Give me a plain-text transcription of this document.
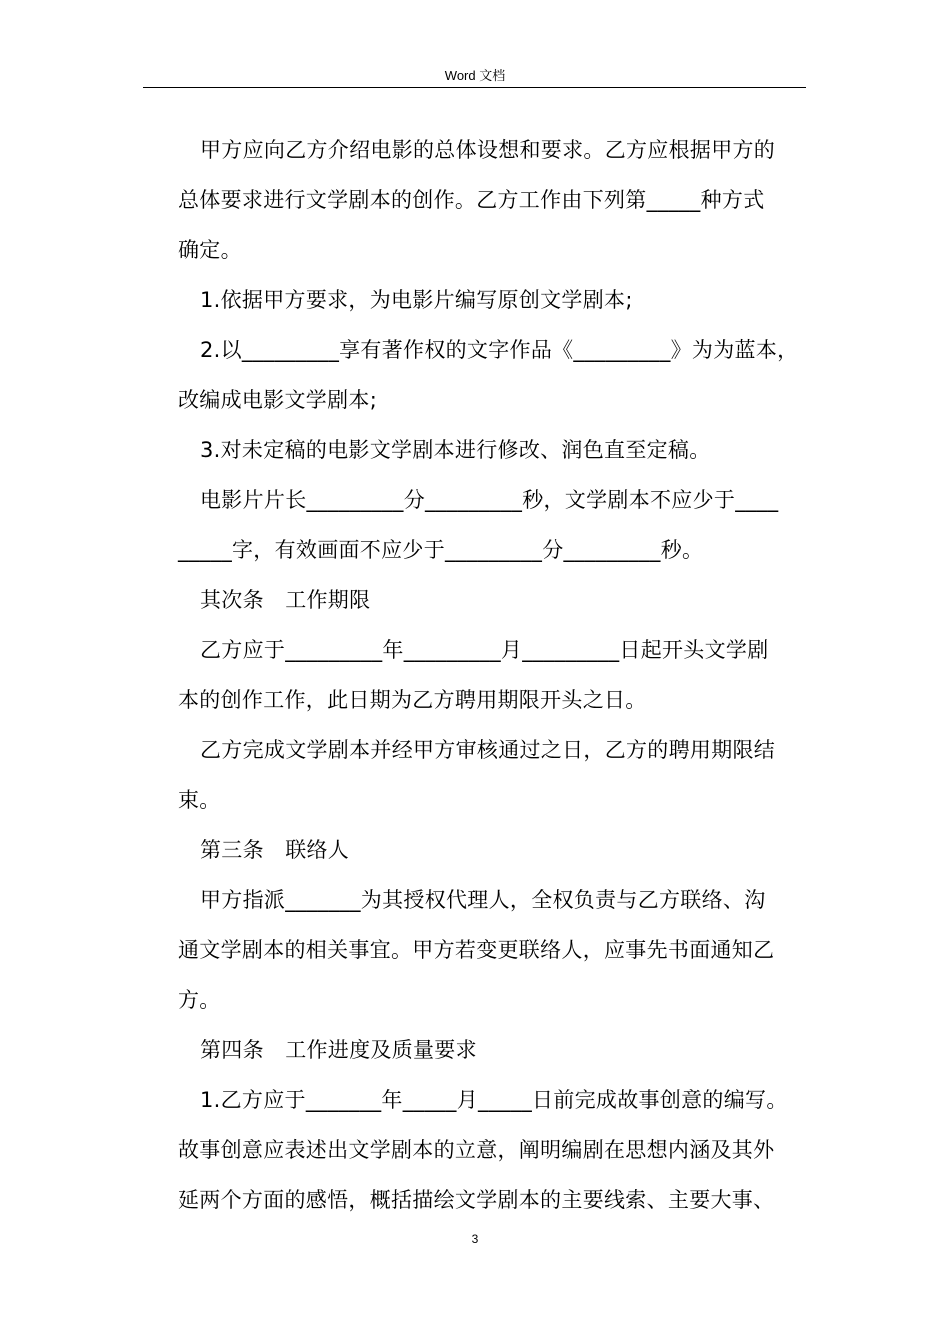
Word 文档
甲方应向乙方介绍电影的总体设想和要求。乙方应根据甲方的
总体要求进行文学剧本的创作。乙方工作由下列第_____种方式
确定。
1.依据甲方要求，为电影片编写原创文学剧本;
2.以_________享有著作权的文字作品《_________》为为蓝本，
改编成电影文学剧本;
3.对未定稿的电影文学剧本进行修改、润色直至定稿。
电影片片长_________分_________秒，文学剧本不应少于____
_____字，有效画面不应少于_________分_________秒。
其次条　工作期限
乙方应于_________年_________月_________日起开头文学剧
本的创作工作，此日期为乙方聘用期限开头之日。
乙方完成文学剧本并经甲方审核通过之日，乙方的聘用期限结
束。
第三条　联络人
甲方指派_______为其授权代理人，全权负责与乙方联络、沟
通文学剧本的相关事宜。甲方若变更联络人，应事先书面通知乙
方。
第四条　工作进度及质量要求
1.乙方应于_______年_____月_____日前完成故事创意的编写。
故事创意应表述出文学剧本的立意，阐明编剧在思想内涵及其外
延两个方面的感悟，概括描绘文学剧本的主要线索、主要大事、
3
